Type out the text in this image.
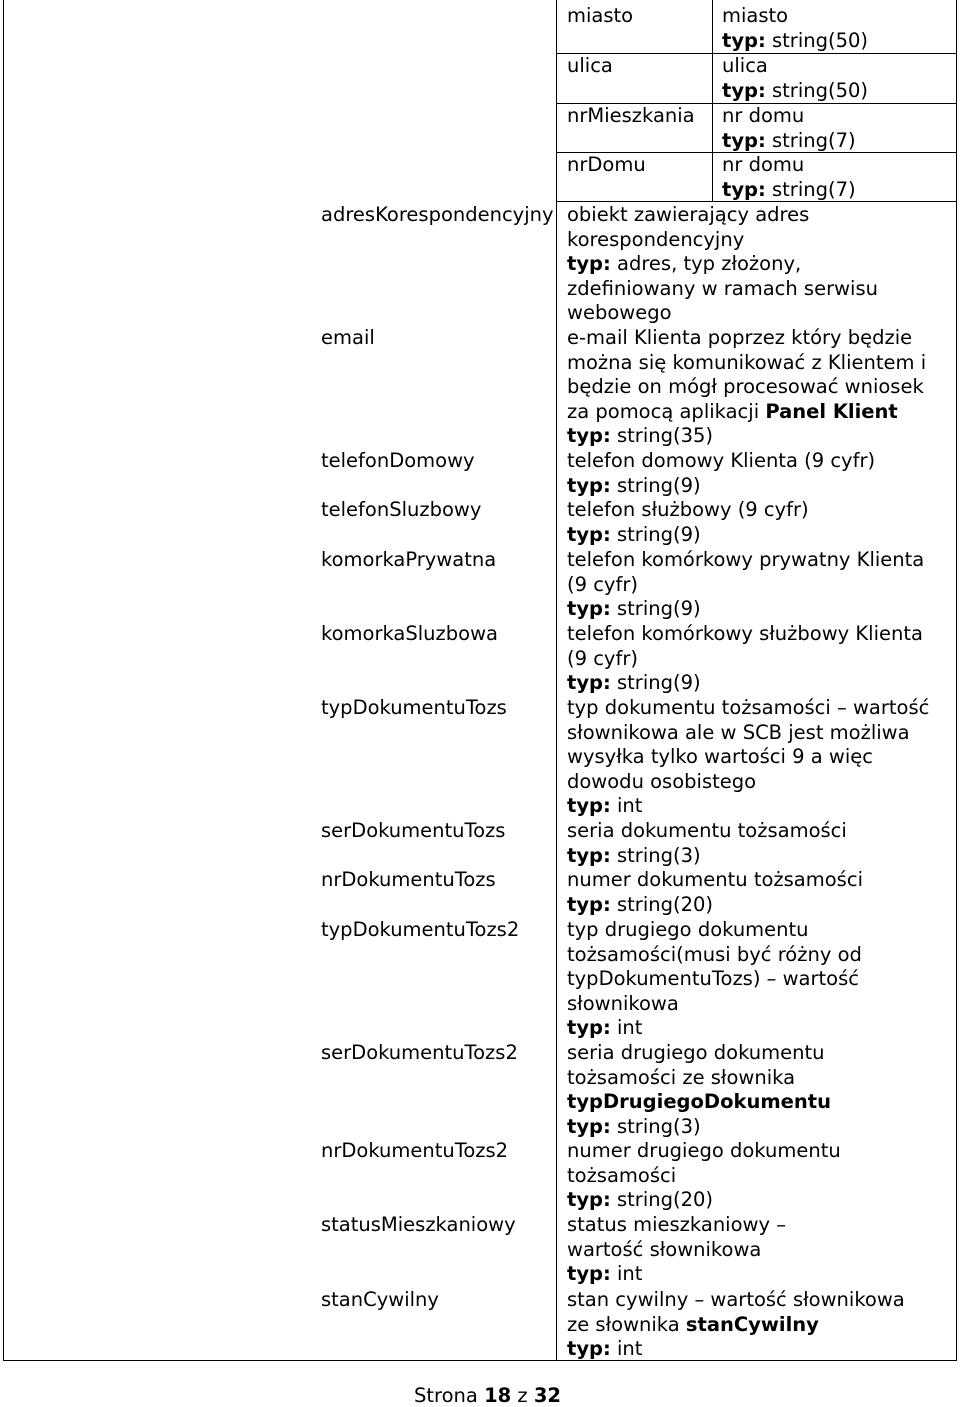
miasto	miasto
typ: string(50)
ulica	ulica
typ: string(50)
nrMieszkania nr domu
typ: string(7)
nrDomu	nr domu
typ: string(7)
adresKorespondencyjny obiekt zawierający adres
korespondencyjny
typ: adres, typ złożony,
zdefiniowany w ramach serwisu
webowego
email	e-mail Klienta poprzez który będzie
można się komunikować z Klientem i
będzie on mógł procesować wniosek
za pomocą aplikacji Panel Klient
typ: string(35)
telefonDomowy	telefon domowy Klienta (9 cyfr)
typ: string(9)
telefonSluzbowy	telefon służbowy (9 cyfr)
typ: string(9)
komorkaPrywatna	telefon komórkowy prywatny Klienta
(9 cyfr)
typ: string(9)
komorkaSluzbowa	telefon komórkowy służbowy Klienta
(9 cyfr)
typ: string(9)
typDokumentuTozs	typ dokumentu tożsamości – wartość
słownikowa ale w SCB jest możliwa
wysyłka tylko wartości 9 a więc
dowodu osobistego
typ: int
serDokumentuTozs	seria dokumentu tożsamości
typ: string(3)
nrDokumentuTozs	numer dokumentu tożsamości
typ: string(20)
typDokumentuTozs2 typ drugiego dokumentu
tożsamości(musi być różny od
typDokumentuTozs) – wartość
słownikowa
typ: int
serDokumentuTozs2	seria drugiego dokumentu
tożsamości ze słownika
typDrugiegoDokumentu
typ: string(3)
nrDokumentuTozs2	numer drugiego dokumentu
tożsamości
typ: string(20)
statusMieszkaniowy	status mieszkaniowy –
wartość słownikowa
typ: int
stanCywilny	stan cywilny – wartość słownikowa
ze słownika stanCywilny
typ: int
Strona 18 z 32
